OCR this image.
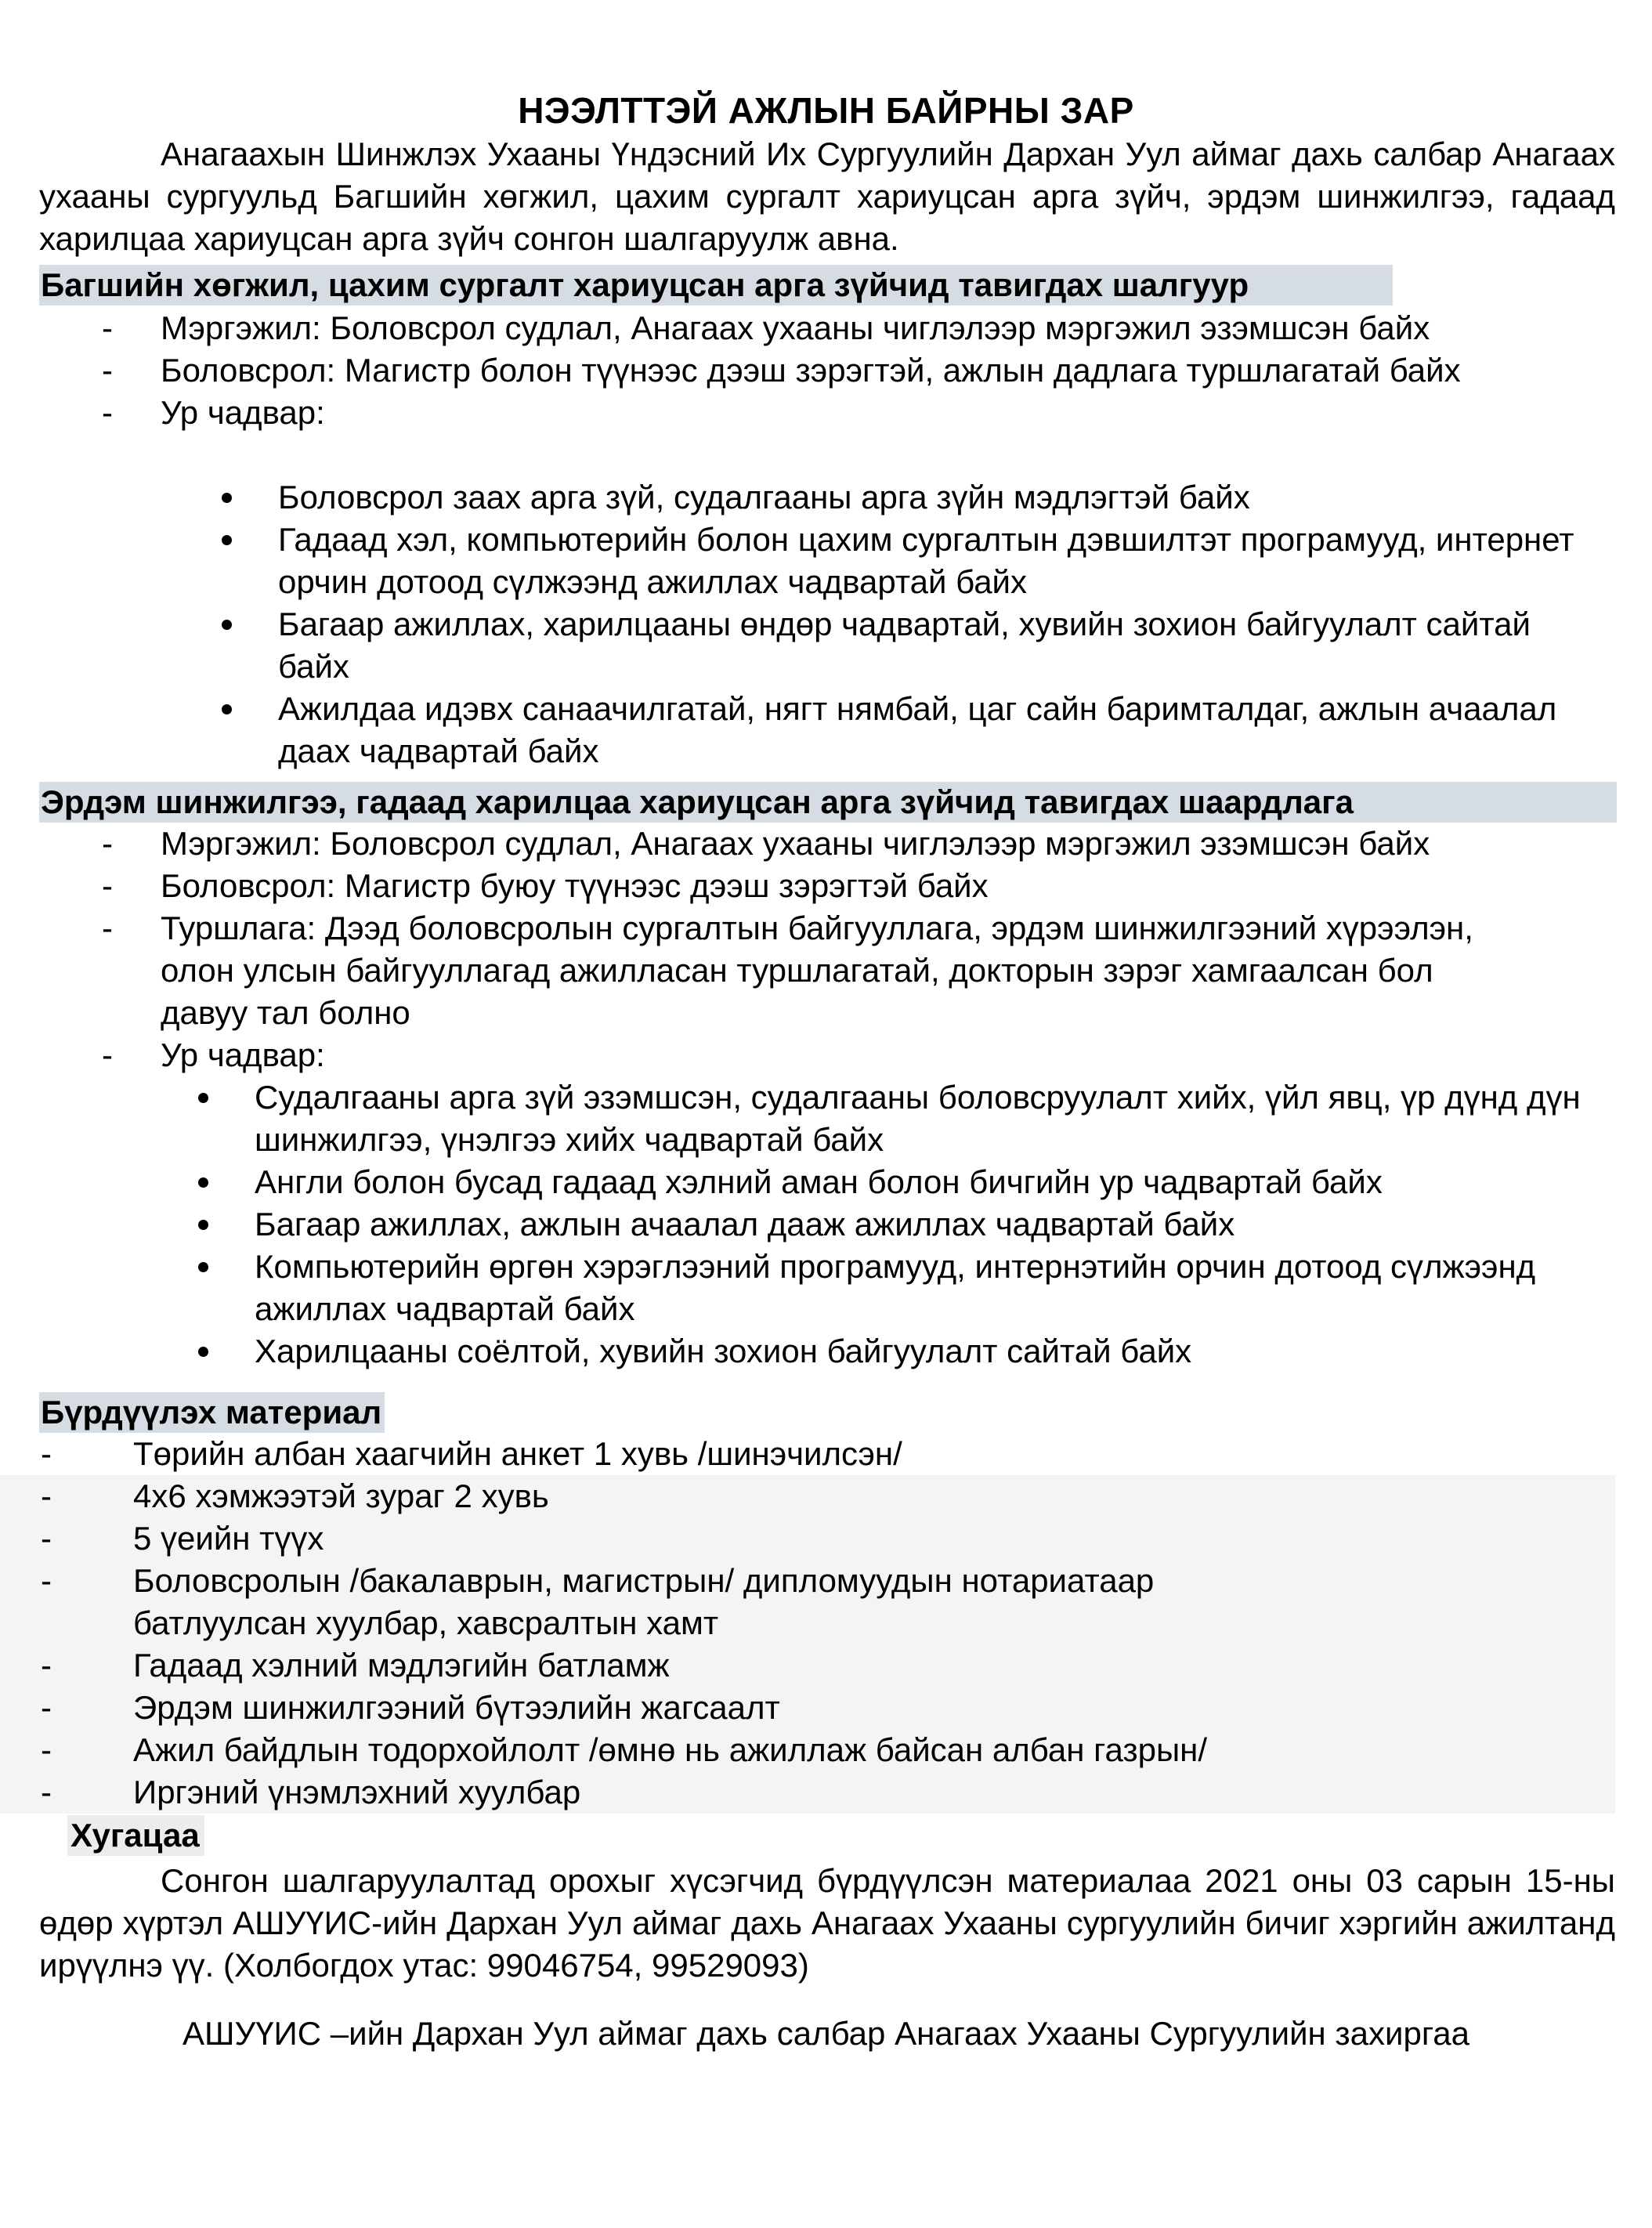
НЭЭЛТТЭЙ АЖЛЫН БАЙРНЫ ЗАР
Анагаахын Шинжлэх Ухааны Үндэсний Их Сургуулийн Дархан Уул аймаг дахь салбар Анагаах ухааны сургуульд Багшийн хөгжил, цахим сургалт хариуцсан арга зүйч, эрдэм шинжилгээ, гадаад харилцаа хариуцсан арга зүйч сонгон шалгаруулж авна.
Багшийн хөгжил, цахим сургалт хариуцсан арга зүйчид тавигдах шалгуур
- Мэргэжил: Боловсрол судлал, Анагаах ухааны чиглэлээр мэргэжил эзэмшсэн байх
- Боловсрол: Магистр болон түүнээс дээш зэрэгтэй, ажлын дадлага туршлагатай байх
- Ур чадвар:
Боловсрол заах арга зүй, судалгааны арга зүйн мэдлэгтэй байх
Гадаад хэл, компьютерийн болон цахим сургалтын дэвшилтэт програмууд, интернет орчин дотоод сүлжээнд ажиллах чадвартай байх
Багаар ажиллах, харилцааны өндөр чадвартай, хувийн зохион байгуулалт сайтай байх
Ажилдаа идэвх санаачилгатай, нягт нямбай, цаг сайн баримталдаг, ажлын ачаалал даах чадвартай байх
Эрдэм шинжилгээ, гадаад харилцаа хариуцсан арга зүйчид тавигдах шаардлага
- Мэргэжил: Боловсрол судлал, Анагаах ухааны чиглэлээр мэргэжил эзэмшсэн байх
- Боловсрол: Магистр буюу түүнээс дээш зэрэгтэй байх
- Туршлага: Дээд боловсролын сургалтын байгууллага, эрдэм шинжилгээний хүрээлэн, олон улсын байгууллагад ажилласан туршлагатай, докторын зэрэг хамгаалсан бол давуу тал болно
- Ур чадвар:
Судалгааны арга зүй эзэмшсэн, судалгааны боловсруулалт хийх, үйл явц, үр дүнд дүн шинжилгээ, үнэлгээ хийх чадвартай байх
Англи болон бусад гадаад хэлний аман болон бичгийн ур чадвартай байх
Багаар ажиллах, ажлын ачаалал дааж ажиллах чадвартай байх
Компьютерийн өргөн хэрэглээний програмууд, интернэтийн орчин дотоод сүлжээнд ажиллах чадвартай байх
Харилцааны соёлтой, хувийн зохион байгуулалт сайтай байх
Бүрдүүлэх материал
- Төрийн албан хаагчийн анкет 1 хувь /шинэчилсэн/
- 4х6 хэмжээтэй зураг 2 хувь
- 5 үеийн түүх
- Боловсролын /бакалаврын, магистрын/ дипломуудын нотариатаар батлуулсан хуулбар, хавсралтын хамт
- Гадаад хэлний мэдлэгийн батламж
- Эрдэм шинжилгээний бүтээлийн жагсаалт
- Ажил байдлын тодорхойлолт /өмнө нь ажиллаж байсан албан газрын/
- Иргэний үнэмлэхний хуулбар
Хугацаа
Сонгон шалгаруулалтад орохыг хүсэгчид бүрдүүлсэн материалаа 2021 оны 03 сарын 15-ны өдөр хүртэл АШУҮИС-ийн Дархан Уул аймаг дахь Анагаах Ухааны сургуулийн бичиг хэргийн ажилтанд ирүүлнэ үү. (Холбогдох утас: 99046754, 99529093)
АШУҮИС –ийн Дархан Уул аймаг дахь салбар Анагаах Ухааны Сургуулийн захиргаа
